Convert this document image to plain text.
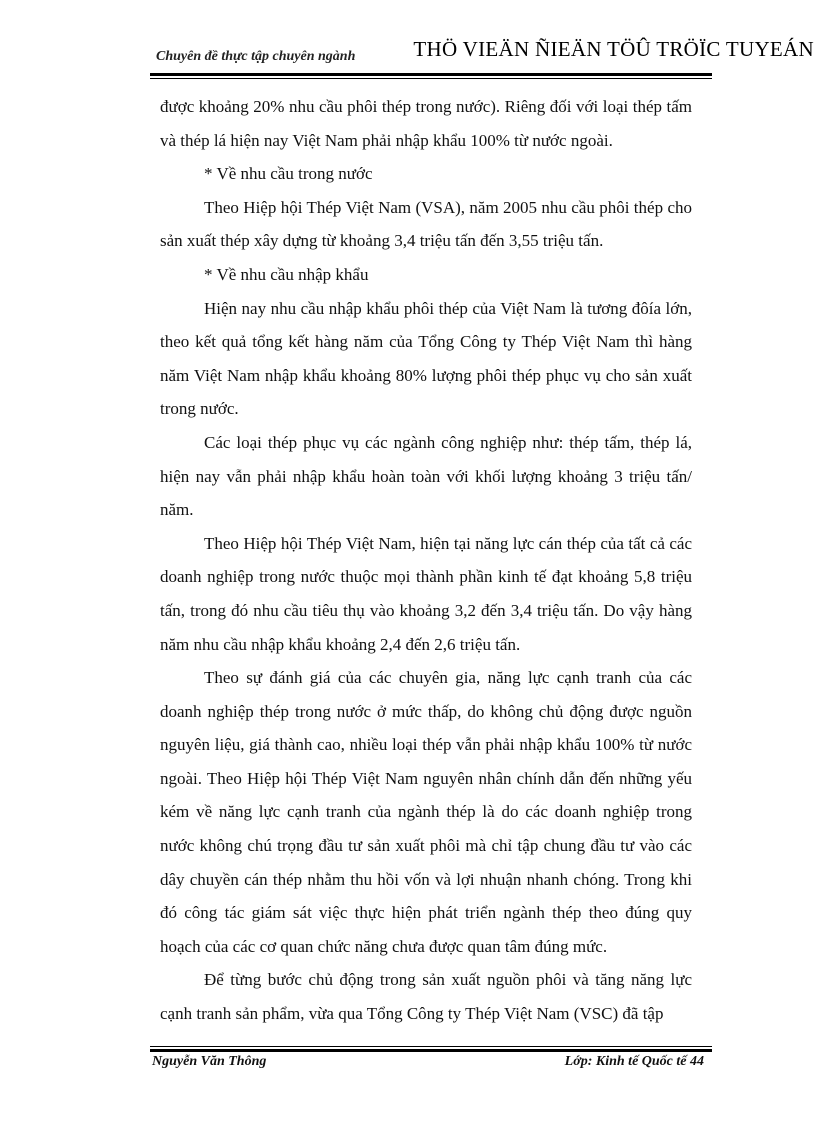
Chuyên đề thực tập chuyên ngành	THÖ VIEÄN ÑIEÄN TÖÛ TRÖÏC TUYEÁN

được khoảng 20% nhu cầu phôi thép trong nước). Riêng đối với loại thép tấm và thép lá hiện nay Việt Nam phải nhập khẩu 100% từ nước ngoài.

* Về nhu cầu trong nước

Theo Hiệp hội Thép Việt Nam (VSA), năm 2005 nhu cầu phôi thép cho sản xuất thép xây dựng từ khoảng 3,4 triệu tấn đến 3,55 triệu tấn.

* Về nhu cầu nhập khẩu

Hiện nay nhu cầu nhập khẩu phôi thép của Việt Nam là tương đôía lớn, theo kết quả tổng kết hàng năm của Tổng Công ty Thép Việt Nam thì hàng năm Việt Nam nhập khẩu khoảng 80% lượng phôi thép phục vụ cho sản xuất trong nước.

Các loại thép phục vụ các ngành công nghiệp như: thép tấm, thép lá, hiện nay vẫn phải nhập khẩu hoàn toàn với khối lượng khoảng 3 triệu tấn/ năm.

Theo Hiệp hội Thép Việt Nam, hiện tại năng lực cán thép của tất cả các doanh nghiệp trong nước thuộc mọi thành phần kinh tế đạt khoảng 5,8 triệu tấn, trong đó nhu cầu tiêu thụ vào khoảng 3,2 đến 3,4 triệu tấn. Do vậy hàng năm nhu cầu nhập khẩu khoảng 2,4 đến 2,6 triệu tấn.

Theo sự đánh giá của các chuyên gia, năng lực cạnh tranh của các doanh nghiệp thép trong nước ở mức thấp, do không chủ động được nguồn nguyên liệu, giá thành cao, nhiều loại thép vẫn phải nhập khẩu 100% từ nước ngoài. Theo Hiệp hội Thép Việt Nam nguyên nhân chính dẫn đến những yếu kém về năng lực cạnh tranh của ngành thép là do các doanh nghiệp trong nước không chú trọng đầu tư sản xuất phôi mà chỉ tập chung đầu tư vào các dây chuyền cán thép nhằm thu hồi vốn và lợi nhuận nhanh chóng. Trong khi đó công tác giám sát việc thực hiện phát triển ngành thép theo đúng quy hoạch của các cơ quan chức năng chưa được quan tâm đúng mức.

Để từng bước chủ động trong sản xuất nguồn phôi và tăng năng lực cạnh tranh sản phẩm, vừa qua Tổng Công ty Thép Việt Nam (VSC) đã tập

Nguyễn Văn Thông	Lớp: Kinh tế Quốc tế 44
